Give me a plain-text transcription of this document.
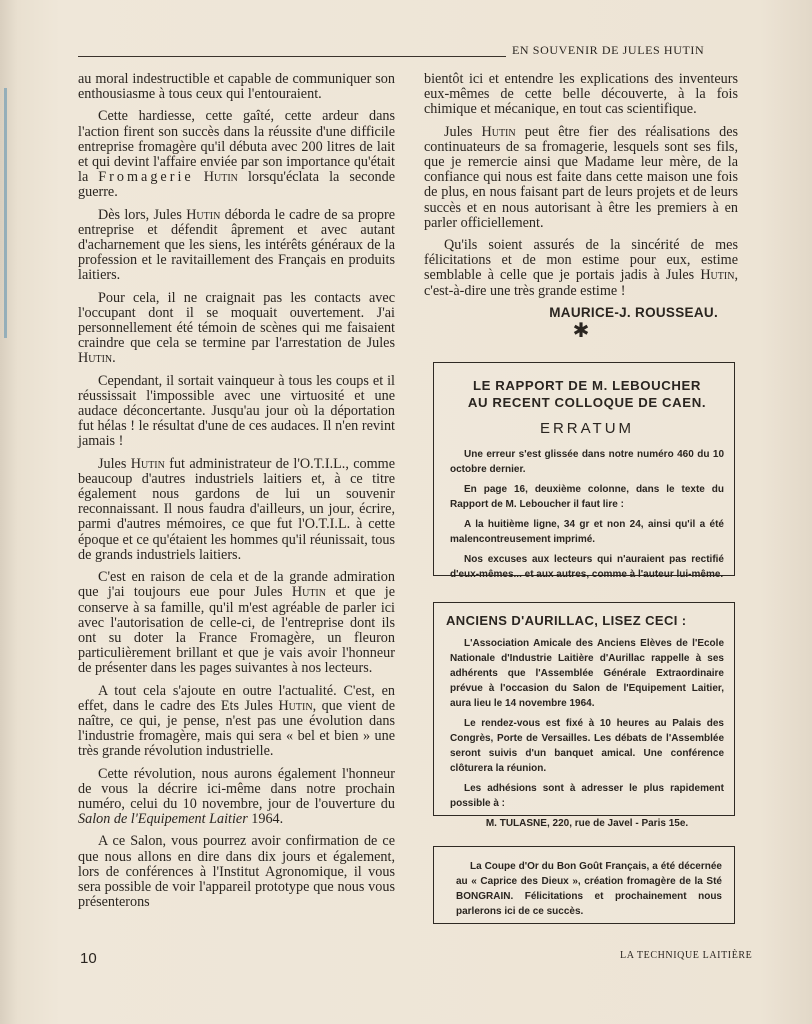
EN SOUVENIR DE JULES HUTIN

au moral indestructible et capable de communiquer son enthousiasme à tous ceux qui l'entouraient.

Cette hardiesse, cette gaîté, cette ardeur dans l'action firent son succès dans la réussite d'une difficile entreprise fromagère qu'il débuta avec 200 litres de lait et qui devint l'affaire enviée par son importance qu'était la Fromagerie Hutin lorsqu'éclata la seconde guerre.

Dès lors, Jules Hutin déborda le cadre de sa propre entreprise et défendit âprement et avec autant d'acharnement que les siens, les intérêts généraux de la profession et le ravitaillement des Français en produits laitiers.

Pour cela, il ne craignait pas les contacts avec l'occupant dont il se moquait ouvertement. J'ai personnellement été témoin de scènes qui me faisaient craindre que cela se termine par l'arrestation de Jules Hutin.

Cependant, il sortait vainqueur à tous les coups et il réussissait l'impossible avec une virtuosité et une audace déconcertante. Jusqu'au jour où la déportation fut hélas ! le résultat d'une de ces audaces. Il n'en revint jamais !

Jules Hutin fut administrateur de l'O.T.I.L., comme beaucoup d'autres industriels laitiers et, à ce titre également nous gardons de lui un souvenir reconnaissant. Il nous faudra d'ailleurs, un jour, écrire, parmi d'autres mémoires, ce que fut l'O.T.I.L. à cette époque et ce qu'étaient les hommes qu'il réunissait, tous de grands industriels laitiers.

C'est en raison de cela et de la grande admiration que j'ai toujours eue pour Jules Hutin et que je conserve à sa famille, qu'il m'est agréable de parler ici avec l'autorisation de celle-ci, de l'entreprise dont ils ont su doter la France Fromagère, un fleuron particulièrement brillant et que je vais avoir l'honneur de présenter dans les pages suivantes à nos lecteurs.

A tout cela s'ajoute en outre l'actualité. C'est, en effet, dans le cadre des Ets Jules Hutin, que vient de naître, ce qui, je pense, n'est pas une évolution dans l'industrie fromagère, mais qui sera « bel et bien » une très grande révolution industrielle.

Cette révolution, nous aurons également l'honneur de vous la décrire ici-même dans notre prochain numéro, celui du 10 novembre, jour de l'ouverture du Salon de l'Equipement Laitier 1964.

A ce Salon, vous pourrez avoir confirmation de ce que nous allons en dire dans dix jours et également, lors de conférences à l'Institut Agronomique, il vous sera possible de voir l'appareil prototype que nous vous présenterons

bientôt ici et entendre les explications des inventeurs eux-mêmes de cette belle découverte, à la fois chimique et mécanique, en tout cas scientifique.

Jules Hutin peut être fier des réalisations des continuateurs de sa fromagerie, lesquels sont ses fils, que je remercie ainsi que Madame leur mère, de la confiance qui nous est faite dans cette maison une fois de plus, en nous faisant part de leurs projets et de leurs succès et en nous autorisant à être les premiers à en parler officiellement.

Qu'ils soient assurés de la sincérité de mes félicitations et de mon estime pour eux, estime semblable à celle que je portais jadis à Jules Hutin, c'est-à-dire une très grande estime !

MAURICE-J. ROUSSEAU.
✱
LE RAPPORT DE M. LEBOUCHER
AU RECENT COLLOQUE DE CAEN.
ERRATUM

Une erreur s'est glissée dans notre numéro 460 du 10 octobre dernier.

En page 16, deuxième colonne, dans le texte du Rapport de M. Leboucher il faut lire :

A la huitième ligne, 34 gr et non 24, ainsi qu'il a été malencontreusement imprimé.

Nos excuses aux lecteurs qui n'auraient pas rectifié d'eux-mêmes... et aux autres, comme à l'auteur lui-même.

ANCIENS D'AURILLAC, LISEZ CECI :

L'Association Amicale des Anciens Elèves de l'Ecole Nationale d'Industrie Laitière d'Aurillac rappelle à ses adhérents que l'Assemblée Générale Extraordinaire prévue à l'occasion du Salon de l'Equipement Laitier, aura lieu le 14 novembre 1964.

Le rendez-vous est fixé à 10 heures au Palais des Congrès, Porte de Versailles. Les débats de l'Assemblée seront suivis d'un banquet amical. Une conférence clôturera la réunion.

Les adhésions sont à adresser le plus rapidement possible à :

M. TULASNE, 220, rue de Javel - Paris 15e.

La Coupe d'Or du Bon Goût Français, a été décernée au « Caprice des Dieux », création fromagère de la Sté BONGRAIN. Félicitations et prochainement nous parlerons ici de ce succès.

10	LA TECHNIQUE LAITIÈRE
